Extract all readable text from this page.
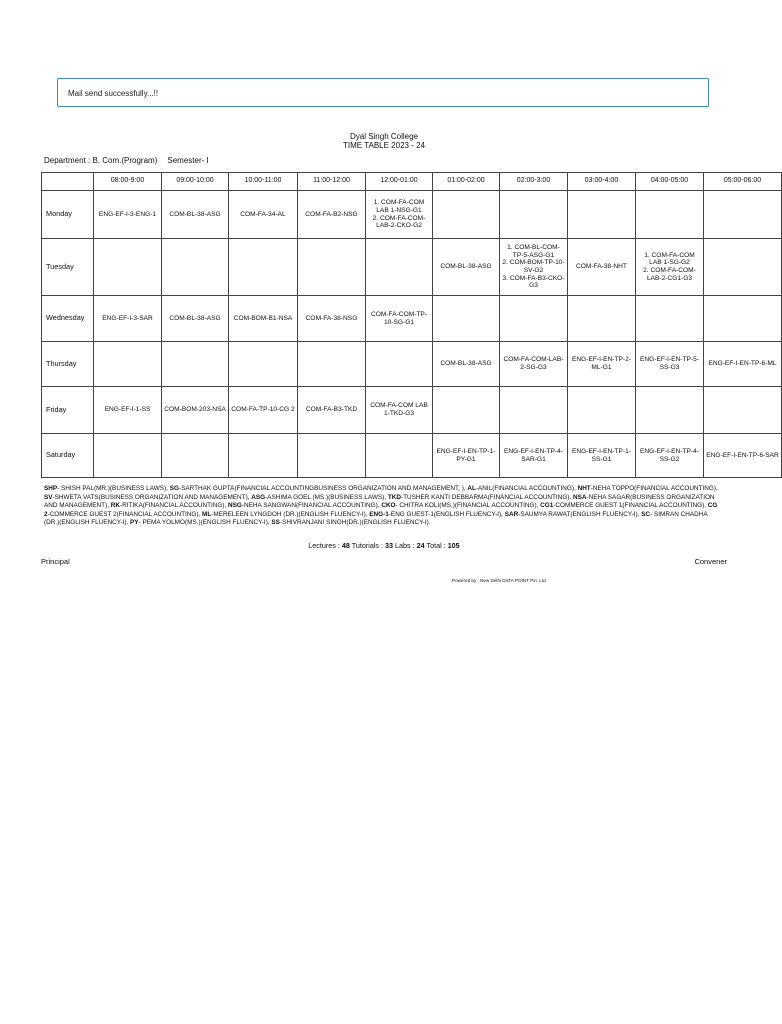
Mail send successfully...!!
Dyal Singh College
TIME TABLE 2023 - 24
Department : B. Com.(Program) Semester- I
	08:00-9:00	09:00-10:00	10:00-11:00	11:00-12:00	12:00-01:00	01:00-02:00	02:00-3:00	03:00-4:00	04:00-05:00	05:00-06:00
Monday	ENG-EF-I-3-ENG-1	COM-BL-38-ASG	COM-FA-34-AL	COM-FA-B2-NSG	1. COM-FA-COM LAB 1-NSG-G1
2. COM-FA-COM-LAB-2-CKO-G2					

Tuesday						COM-BL-38-ASG	1. COM-BL-COM-TP-5-ASG-G1
2. COM-BOM-TP-10-SV-G2
3. COM-FA-B3-CKO-G3	COM-FA-38-NHT	1. COM-FA-COM LAB 1-SG-G2
2. COM-FA-COM-LAB-2-CG1-G3	

Wednesday	ENG-EF-I-3-SAR	COM-BL-38-ASG	COM-BOM-B1-NSA	COM-FA-38-NSG	COM-FA-COM-TP-10-SG-G1					
Thursday						COM-BL-38-ASG	COM-FA-COM-LAB-2-SG-G3	ENG-EF-I-EN-TP-2-ML-G1	ENG-EF-I-EN-TP-5-SS-G3	ENG-EF-I-EN-TP-6-ML
Friday	ENG-EF-I-1-SS	COM-BOM-203-NSA	COM-FA-TP-10-CG 2	COM-FA-B3-TKD	COM-FA-COM LAB 1-TKD-G3					
Saturday						ENG-EF-I-EN-TP-1-PY-G1	ENG-EF-I-EN-TP-4-SAR-G1	ENG-EF-I-EN-TP-1-SS-G1	ENG-EF-I-EN-TP-4-SS-G2	ENG-EF-I-EN-TP-6-SAR
SHP- SHISH PAL(MR.)(BUSINESS LAWS), SG-SARTHAK GUPTA(FINANCIAL ACCOUNTINGBUSINESS ORGANIZATION AND MANAGEMENT, ), AL-ANIL(FINANCIAL ACCOUNTING), NHT-NEHA TOPPO(FINANCIAL ACCOUNTING), SV-SHWETA VATS(BUSINESS ORGANIZATION AND MANAGEMENT), ASG-ASHIMA GOEL (MS.)(BUSINESS LAWS), TKD-TUSHER KANTI DEBBARMA(FINANCIAL ACCOUNTING), NSA-NEHA SAGAR(BUSINESS ORGANIZATION AND MANAGEMENT), RK-RITIKA(FINANCIAL ACCOUNTING), NSG-NEHA SANGWAN(FINANCIAL ACCOUNTING), CKO- CHITRA KOLI(MS.)(FINANCIAL ACCOUNTING), CG1-COMMERCE GUEST 1(FINANCIAL ACCOUNTING), CG 2-COMMERCE GUEST 2(FINANCIAL ACCOUNTING), ML-MERELEEN LYNGDOH (DR.)(ENGLISH FLUENCY-I), ENG-1-ENG GUEST-1(ENGLISH FLUENCY-I), SAR-SAUMYA RAWAT(ENGLISH FLUENCY-I), SC- SIMRAN CHADHA (DR.)(ENGLISH FLUENCY-I), PY- PEMA YOLMO(MS.)(ENGLISH FLUENCY-I), SS-SHIVRANJANI SINGH(DR.)(ENGLISH FLUENCY-I).
Lectures : 48 Tutorials : 33 Labs : 24 Total : 105
Principal	Convener
Powered by : New Delhi DATA POINT Pvt. Ltd.
